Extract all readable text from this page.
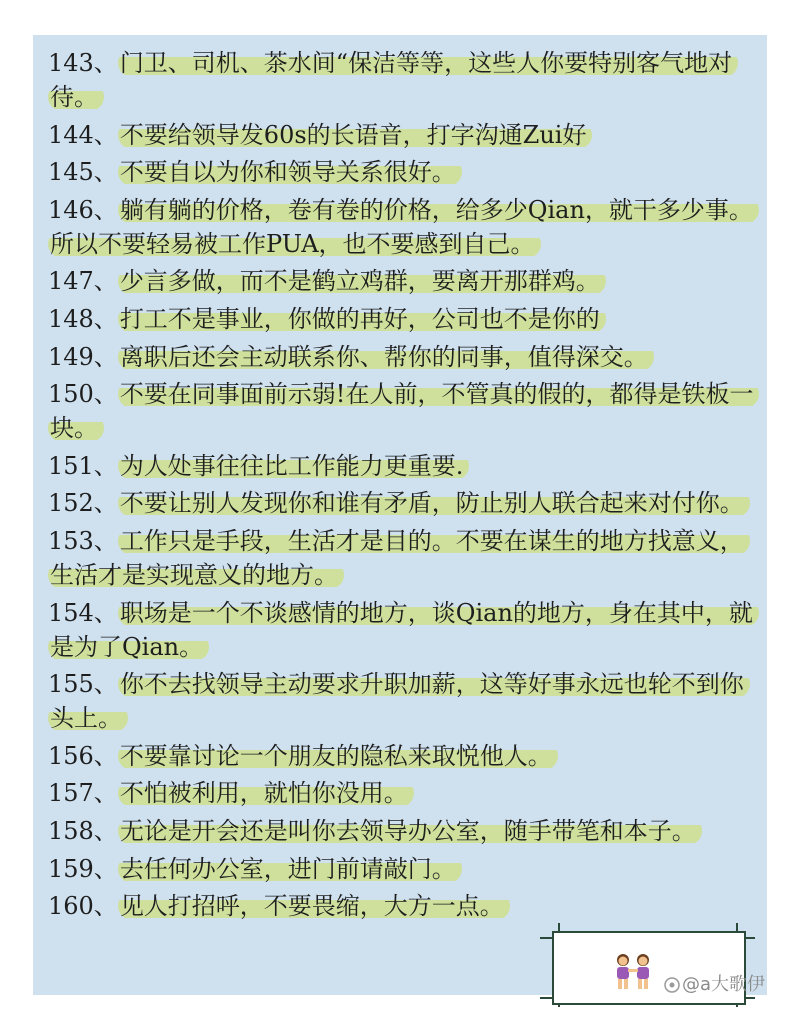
143、门卫、司机、茶水间“保洁等等，这些人你要特别客气地对待。
144、不要给领导发60s的长语音，打字沟通Zui好
145、不要自以为你和领导关系很好。
146、躺有躺的价格，卷有卷的价格，给多少Qian，就干多少事。所以不要轻易被工作PUA，也不要感到自己。
147、少言多做，而不是鹤立鸡群，要离开那群鸡。
148、打工不是事业，你做的再好，公司也不是你的
149、离职后还会主动联系你、帮你的同事，值得深交。
150、不要在同事面前示弱!在人前，不管真的假的，都得是铁板一块。
151、为人处事往往比工作能力更重要.
152、不要让别人发现你和谁有矛盾，防止别人联合起来对付你。
153、工作只是手段，生活才是目的。不要在谋生的地方找意义，生活才是实现意义的地方。
154、职场是一个不谈感情的地方，谈Qian的地方，身在其中，就是为了Qian。
155、你不去找领导主动要求升职加薪，这等好事永远也轮不到你头上。
156、不要靠讨论一个朋友的隐私来取悦他人。
157、不怕被利用，就怕你没用。
158、无论是开会还是叫你去领导办公室，随手带笔和本子。
159、去任何办公室，进门前请敲门。
160、见人打招呼，不要畏缩，大方一点。
@a大歌伊
